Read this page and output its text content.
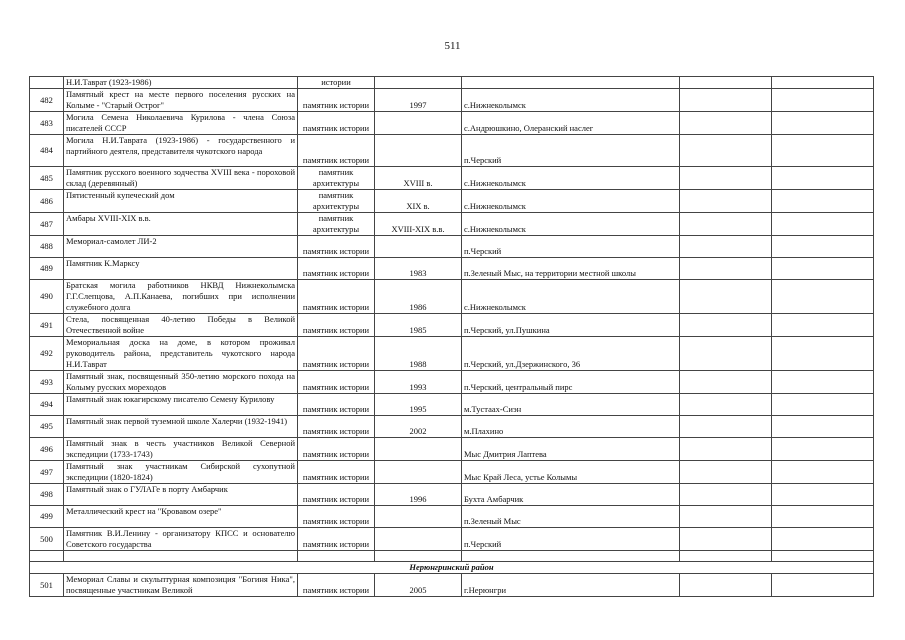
511
	Н.И.Таврат (1923-1986)	истории				
482	Памятный крест на месте первого поселения русских на Колыме - "Старый Острог"	памятник истории	1997	с.Нижнеколымск		
483	Могила Семена Николаевича Курилова - члена Союза писателей СССР	памятник истории		с.Андрюшкино, Олеранский наслег		
484	Могила Н.И.Таврата (1923-1986) - государственного и партийного деятеля, представителя чукотского народа	памятник истории		п.Черский		
485	Памятник русского военного зодчества XVIII века - пороховой склад (деревянный)	памятник архитектуры	XVIII в.	с.Нижнеколымск		
486	Пятистенный купеческий дом	памятник архитектуры	XIX в.	с.Нижнеколымск		
487	Амбары XVIII-XIX в.в.	памятник архитектуры	XVIII-XIX в.в.	с.Нижнеколымск		
488	Мемориал-самолет ЛИ-2	памятник истории		п.Черский		
489	Памятник К.Марксу	памятник истории	1983	п.Зеленый Мыс, на территории местной школы		
490	Братская могила работников НКВД Нижнеколымска Г.Г.Слепцова, А.П.Канаева, погибших при исполнении служебного долга	памятник истории	1986	с.Нижнеколымск		
491	Стела, посвященная 40-летию Победы в Великой Отечественной войне	памятник истории	1985	п.Черский, ул.Пушкина		
492	Мемориальная доска на доме, в котором проживал руководитель района, представитель чукотского народа Н.И.Таврат	памятник истории	1988	п.Черский, ул.Дзержинского, 36		
493	Памятный знак, посвященный 350-летию морского похода на Колыму русских мореходов	памятник истории	1993	п.Черский, центральный пирс		
494	Памятный знак юкагирскому писателю Семену Курилову	памятник истории	1995	м.Тустаах-Сиэн		
495	Памятный знак первой туземной школе Халерчи (1932-1941)	памятник истории	2002	м.Плахино		
496	Памятный знак в честь участников Великой Северной экспедиции (1733-1743)	памятник истории		Мыс Дмитрия Лаптева		
497	Памятный знак участникам Сибирской сухопутной экспедиции (1820-1824)	памятник истории		Мыс Край Леса, устье Колымы		
498	Памятный знак о ГУЛАГе в порту Амбарчик	памятник истории	1996	Бухта Амбарчик		
499	Металлический крест на "Кровавом озере"	памятник истории		п.Зеленый Мыс		
500	Памятник В.И.Ленину - организатору КПСС и основателю Советского государства	памятник истории		п.Черский		

Нерюнгринский район						
501	Мемориал Славы и скульптурная композиция "Богиня Ника", посвященные участникам Великой	памятник истории	2005	г.Нерюнгри		
